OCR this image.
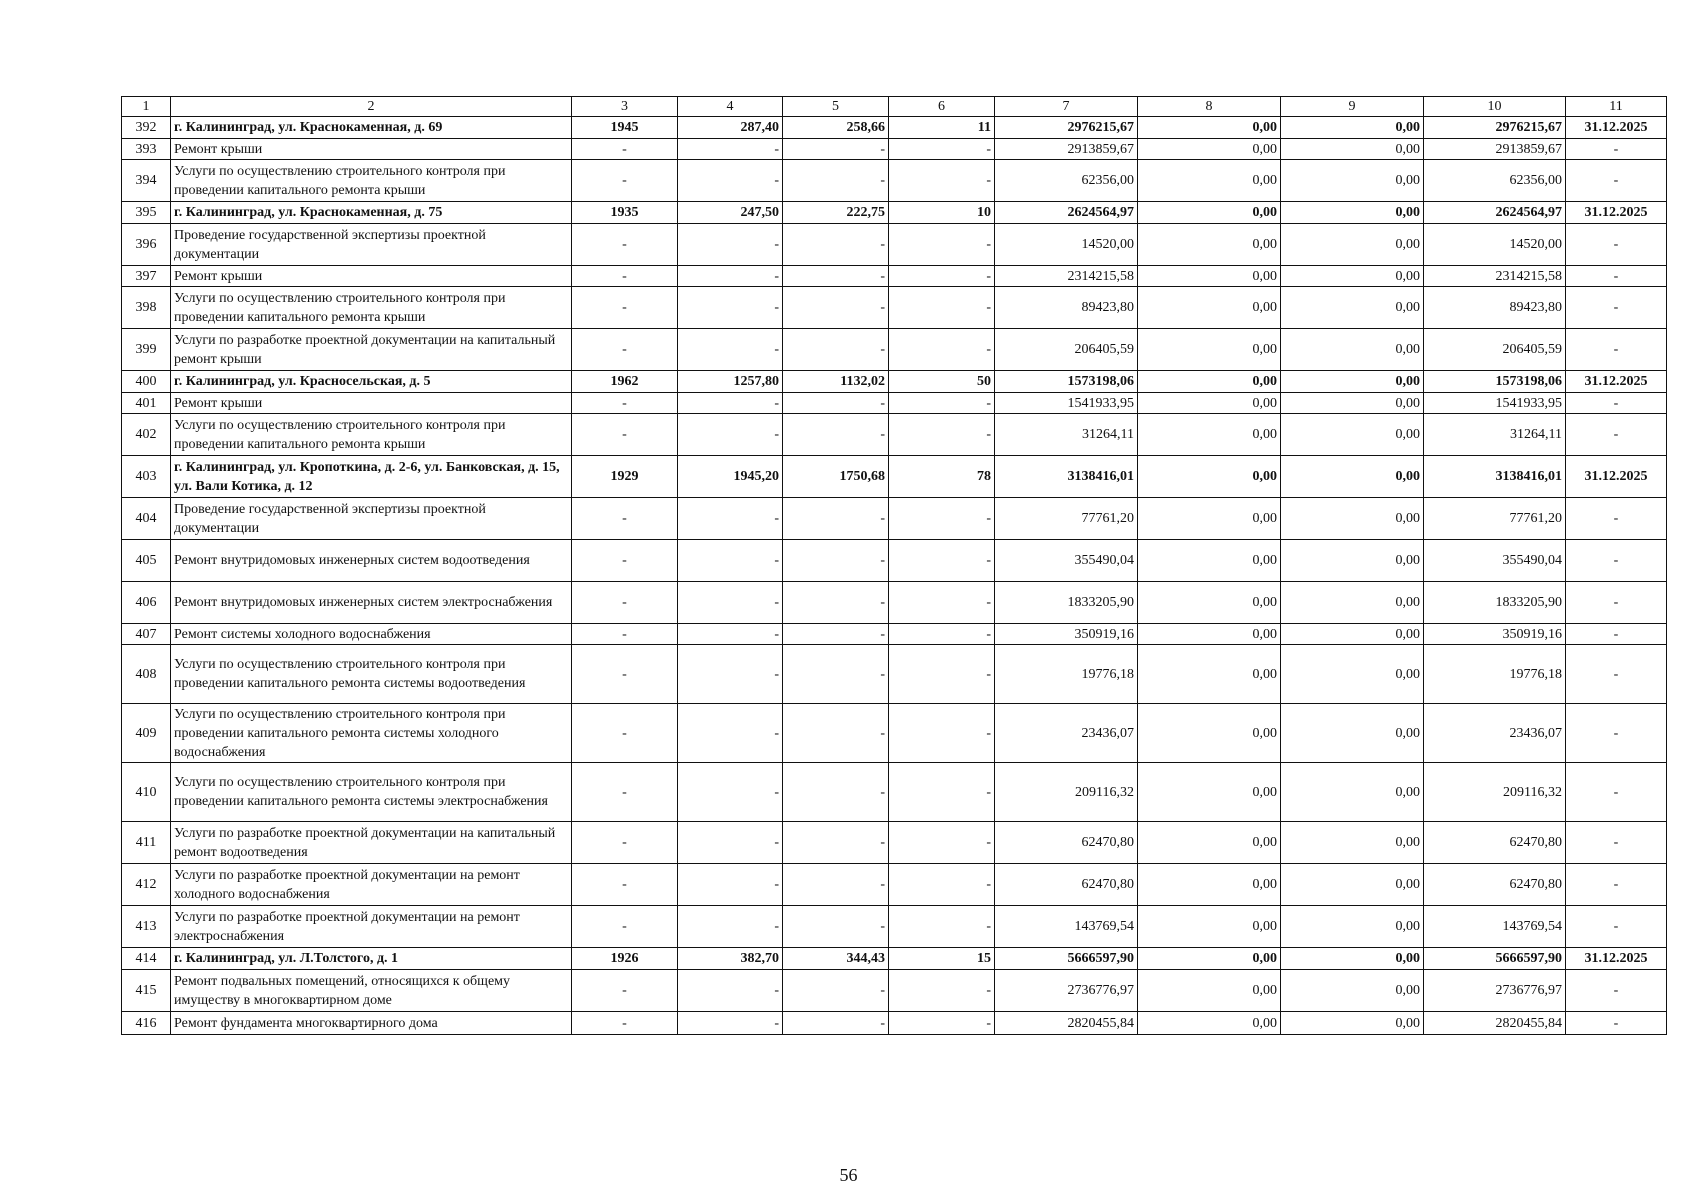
1	2	3	4	5	6	7	8	9	10	11
392	г. Калининград, ул. Краснокаменная, д. 69	1945	287,40	258,66	11	2976215,67	0,00	0,00	2976215,67	31.12.2025
393	Ремонт крыши	-	-	-	-	2913859,67	0,00	0,00	2913859,67	-
394	Услуги по осуществлению строительного контроля при проведении капитального ремонта крыши	-	-	-	-	62356,00	0,00	0,00	62356,00	-
395	г. Калининград, ул. Краснокаменная, д. 75	1935	247,50	222,75	10	2624564,97	0,00	0,00	2624564,97	31.12.2025
396	Проведение государственной экспертизы проектной документации	-	-	-	-	14520,00	0,00	0,00	14520,00	-
397	Ремонт крыши	-	-	-	-	2314215,58	0,00	0,00	2314215,58	-
398	Услуги по осуществлению строительного контроля при проведении капитального ремонта крыши	-	-	-	-	89423,80	0,00	0,00	89423,80	-
399	Услуги по разработке проектной документации на капитальный ремонт крыши	-	-	-	-	206405,59	0,00	0,00	206405,59	-
400	г. Калининград, ул. Красносельская, д. 5	1962	1257,80	1132,02	50	1573198,06	0,00	0,00	1573198,06	31.12.2025
401	Ремонт крыши	-	-	-	-	1541933,95	0,00	0,00	1541933,95	-
402	Услуги по осуществлению строительного контроля при проведении капитального ремонта крыши	-	-	-	-	31264,11	0,00	0,00	31264,11	-
403	г. Калининград, ул. Кропоткина, д. 2-6, ул. Банковская, д. 15, ул. Вали Котика, д. 12	1929	1945,20	1750,68	78	3138416,01	0,00	0,00	3138416,01	31.12.2025
404	Проведение государственной экспертизы проектной документации	-	-	-	-	77761,20	0,00	0,00	77761,20	-
405	Ремонт внутридомовых инженерных систем водоотведения	-	-	-	-	355490,04	0,00	0,00	355490,04	-
406	Ремонт внутридомовых инженерных систем электроснабжения	-	-	-	-	1833205,90	0,00	0,00	1833205,90	-
407	Ремонт системы холодного водоснабжения	-	-	-	-	350919,16	0,00	0,00	350919,16	-
408	Услуги по осуществлению строительного контроля при проведении капитального ремонта системы водоотведения	-	-	-	-	19776,18	0,00	0,00	19776,18	-
409	Услуги по осуществлению строительного контроля при проведении капитального ремонта системы холодного водоснабжения	-	-	-	-	23436,07	0,00	0,00	23436,07	-
410	Услуги по осуществлению строительного контроля при проведении капитального ремонта системы электроснабжения	-	-	-	-	209116,32	0,00	0,00	209116,32	-
411	Услуги по разработке проектной документации на капитальный ремонт водоотведения	-	-	-	-	62470,80	0,00	0,00	62470,80	-
412	Услуги по разработке проектной документации на ремонт холодного водоснабжения	-	-	-	-	62470,80	0,00	0,00	62470,80	-
413	Услуги по разработке проектной документации на ремонт электроснабжения	-	-	-	-	143769,54	0,00	0,00	143769,54	-
414	г. Калининград, ул. Л.Толстого, д. 1	1926	382,70	344,43	15	5666597,90	0,00	0,00	5666597,90	31.12.2025
415	Ремонт подвальных помещений, относящихся к общему имуществу в многоквартирном доме	-	-	-	-	2736776,97	0,00	0,00	2736776,97	-
416	Ремонт фундамента многоквартирного дома	-	-	-	-	2820455,84	0,00	0,00	2820455,84	-
56
